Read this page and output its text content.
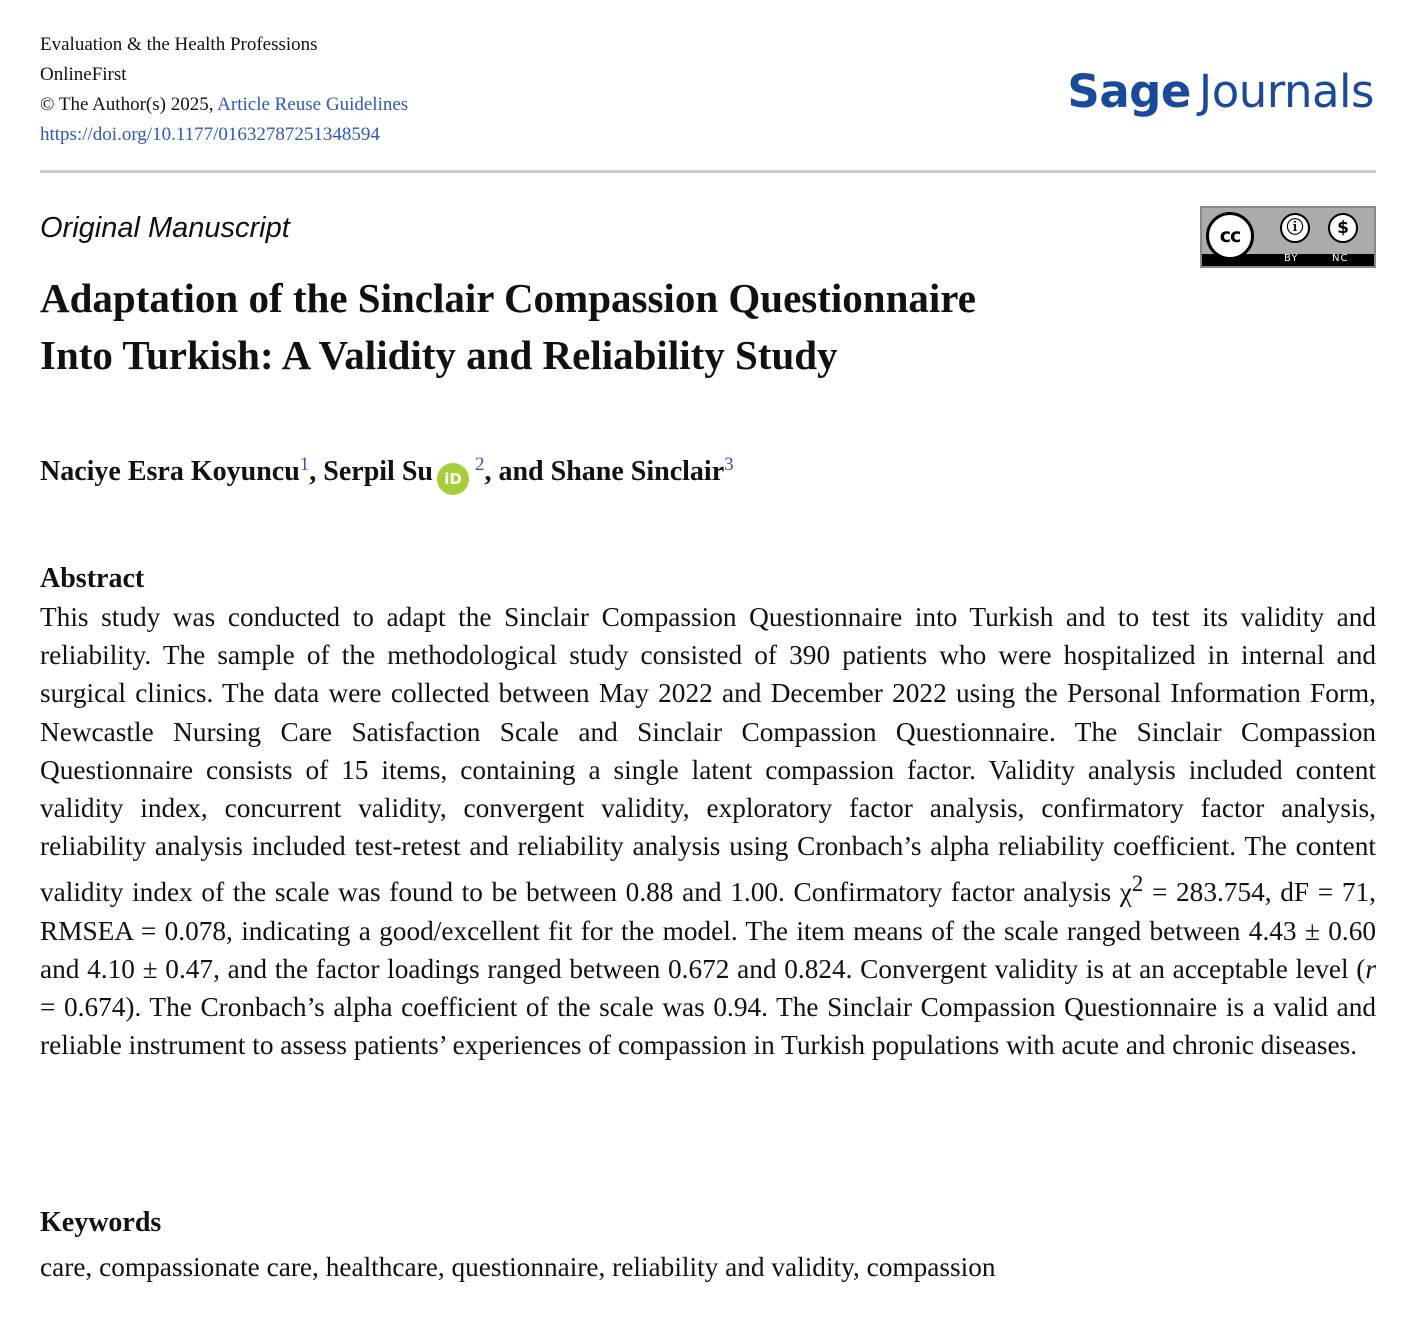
Evaluation & the Health Professions
OnlineFirst
© The Author(s) 2025, Article Reuse Guidelines
https://doi.org/10.1177/01632787251348594
Sage Journals
Original Manuscript	cc	ⓘ	$
BY	NC
Adaptation of the Sinclair Compassion Questionnaire
Into Turkish: A Validity and Reliability Study
Naciye Esra Koyuncu$^1$, Serpil Su $iD^2$, and Shane Sinclair$^3$
Abstract

This study was conducted to adapt the Sinclair Compassion Questionnaire into Turkish and to test its validity and reliability. The sample of the methodological study consisted of 390 patients who were hospitalized in internal and surgical clinics. The data were collected between May 2022 and December 2022 using the Personal Information Form, Newcastle Nursing Care Satisfaction Scale and Sinclair Compassion Questionnaire. The Sinclair Compassion Questionnaire consists of 15 items, containing a single latent compassion factor. Validity analysis included content validity index, concurrent validity, convergent validity, exploratory factor analysis, confirmatory factor analysis, reliability analysis included test-retest and reliability analysis using Cronbach’s alpha reliability coefficient. The content validity index of the scale was found to be between 0.88 and 1.00. Confirmatory factor analysis $\chi^2 = 283.754$, dF = 71, RMSEA = 0.078, indicating a good/excellent fit for the model. The item means of the scale ranged between 4.43 ± 0.60 and 4.10 ± 0.47, and the factor loadings ranged between 0.672 and 0.824. Convergent validity is at an acceptable level (r = 0.674). The Cronbach’s alpha coefficient of the scale was 0.94. The Sinclair Compassion Questionnaire is a valid and reliable instrument to assess patients’ experiences of compassion in Turkish populations with acute and chronic diseases.

Keywords

care, compassionate care, healthcare, questionnaire, reliability and validity, compassion
